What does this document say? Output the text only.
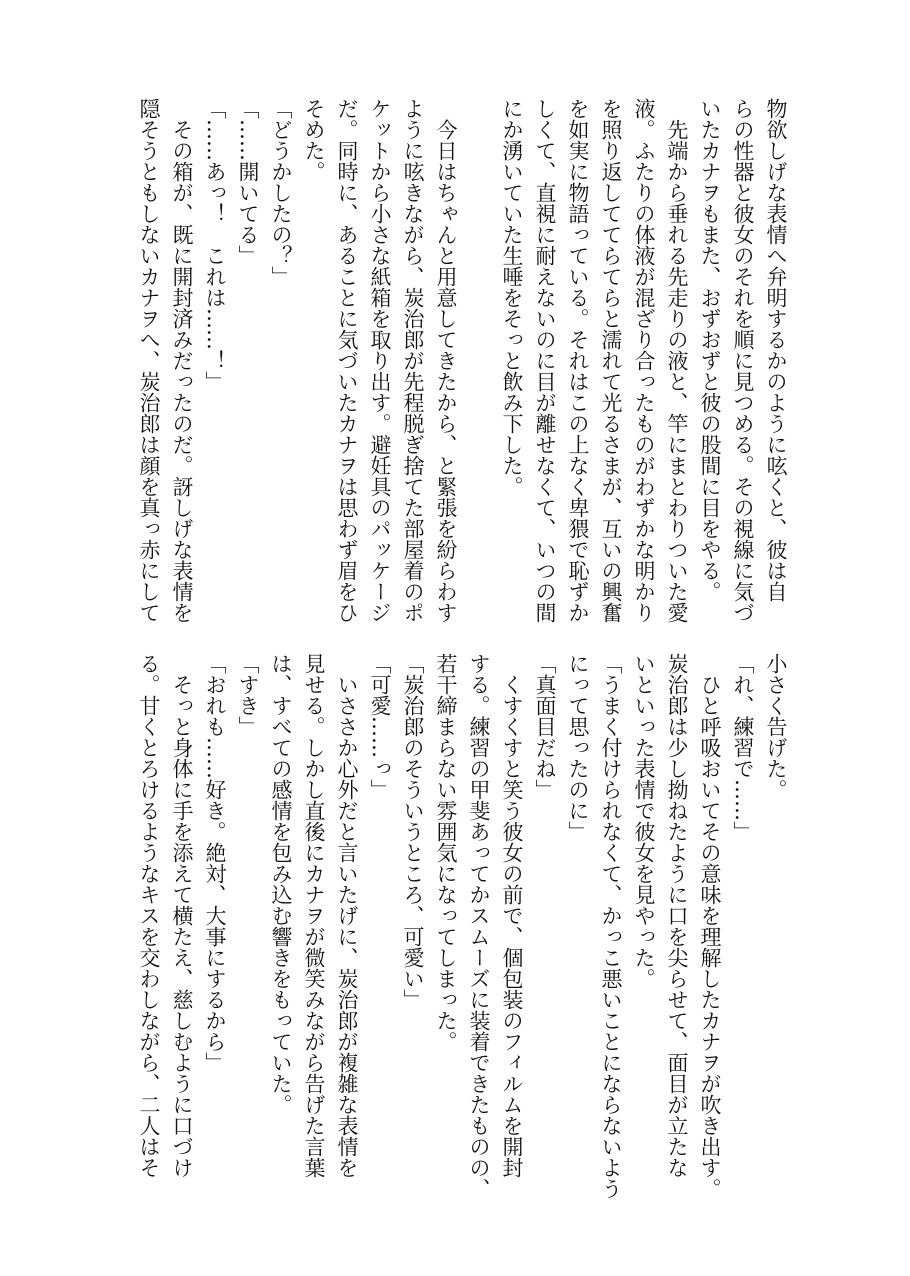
物欲しげな表情へ弁明するかのように呟くと、彼は自
らの性器と彼女のそれを順に見つめる。その視線に気づ
いたカナヲもまた、おずおずと彼の股間に目をやる。
　先端から垂れる先走りの液と、竿にまとわりついた愛
液。ふたりの体液が混ざり合ったものがわずかな明かり
を照り返しててらてらと濡れて光るさまが、互いの興奮
を如実に物語っている。それはこの上なく卑猥で恥ずか
しくて、直視に耐えないのに目が離せなくて、いつの間
にか湧いていた生唾をそっと飲み下した。
　今日はちゃんと用意してきたから、と緊張を紛らわす
ように呟きながら、炭治郎が先程脱ぎ捨てた部屋着のポ
ケットから小さな紙箱を取り出す。避妊具のパッケージ
だ。同時に、あることに気づいたカナヲは思わず眉をひ
そめた。
「どうかしたの？」
「……開いてる」
「……あっ！　これは……！」
　その箱が、既に開封済みだったのだ。訝しげな表情を
隠そうともしないカナヲへ、炭治郎は顔を真っ赤にして
小さく告げた。
「れ、練習で……」
　ひと呼吸おいてその意味を理解したカナヲが吹き出す。
炭治郎は少し拗ねたように口を尖らせて、面目が立たな
いといった表情で彼女を見やった。
「うまく付けられなくて、かっこ悪いことにならないよう
にって思ったのに」
「真面目だね」
　くすくすと笑う彼女の前で、個包装のフィルムを開封
する。練習の甲斐あってかスムーズに装着できたものの、
若干締まらない雰囲気になってしまった。
「炭治郎のそういうところ、可愛い」
「可愛……っ」
　いささか心外だと言いたげに、炭治郎が複雑な表情を
見せる。しかし直後にカナヲが微笑みながら告げた言葉
は、すべての感情を包み込む響きをもっていた。
「すき」
「おれも……好き。絶対、大事にするから」
　そっと身体に手を添えて横たえ、慈しむように口づけ
る。甘くとろけるようなキスを交わしながら、二人はそ
